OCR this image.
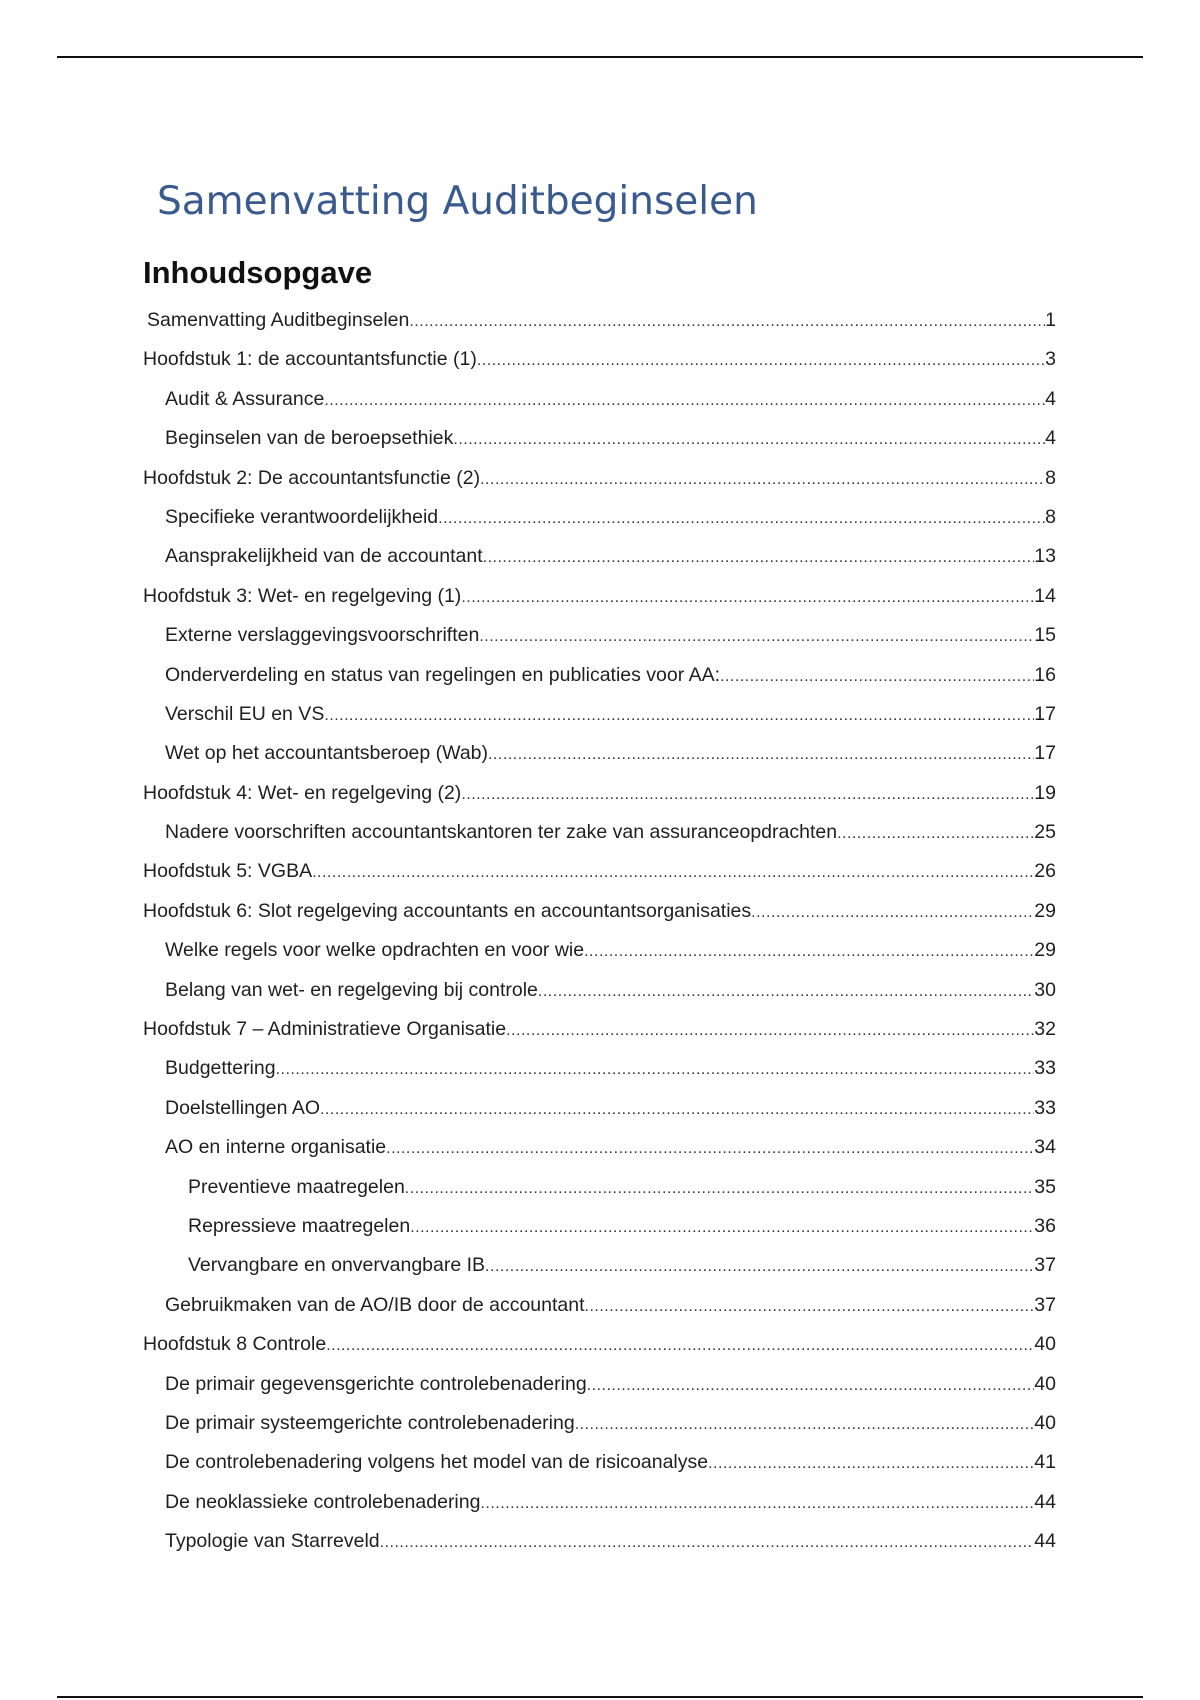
Samenvatting Auditbeginselen
Inhoudsopgave
Samenvatting Auditbeginselen .....	1
Hoofdstuk 1: de accountantsfunctie (1) .....	3
Audit & Assurance .....	4
Beginselen van de beroepsethiek .....	4
Hoofdstuk 2: De accountantsfunctie (2) .....	8
Specifieke verantwoordelijkheid .....	8
Aansprakelijkheid van de accountant .....	13
Hoofdstuk 3: Wet- en regelgeving (1) .....	14
Externe verslaggevingsvoorschriften .....	15
Onderverdeling en status van regelingen en publicaties voor AA: .....	16
Verschil EU en VS .....	17
Wet op het accountantsberoep (Wab) .....	17
Hoofdstuk 4: Wet- en regelgeving (2) .....	19
Nadere voorschriften accountantskantoren ter zake van assuranceopdrachten .....	25
Hoofdstuk 5: VGBA .....	26
Hoofdstuk 6: Slot regelgeving accountants en accountantsorganisaties .....	29
Welke regels voor welke opdrachten en voor wie .....	29
Belang van wet- en regelgeving bij controle .....	30
Hoofdstuk 7 – Administratieve Organisatie .....	32
Budgettering .....	33
Doelstellingen AO .....	33
AO en interne organisatie .....	34
Preventieve maatregelen .....	35
Repressieve maatregelen .....	36
Vervangbare en onvervangbare IB .....	37
Gebruikmaken van de AO/IB door de accountant .....	37
Hoofdstuk 8 Controle .....	40
De primair gegevensgerichte controlebenadering .....	40
De primair systeemgerichte controlebenadering .....	40
De controlebenadering volgens het model van de risicoanalyse .....	41
De neoklassieke controlebenadering .....	44
Typologie van Starreveld .....	44
